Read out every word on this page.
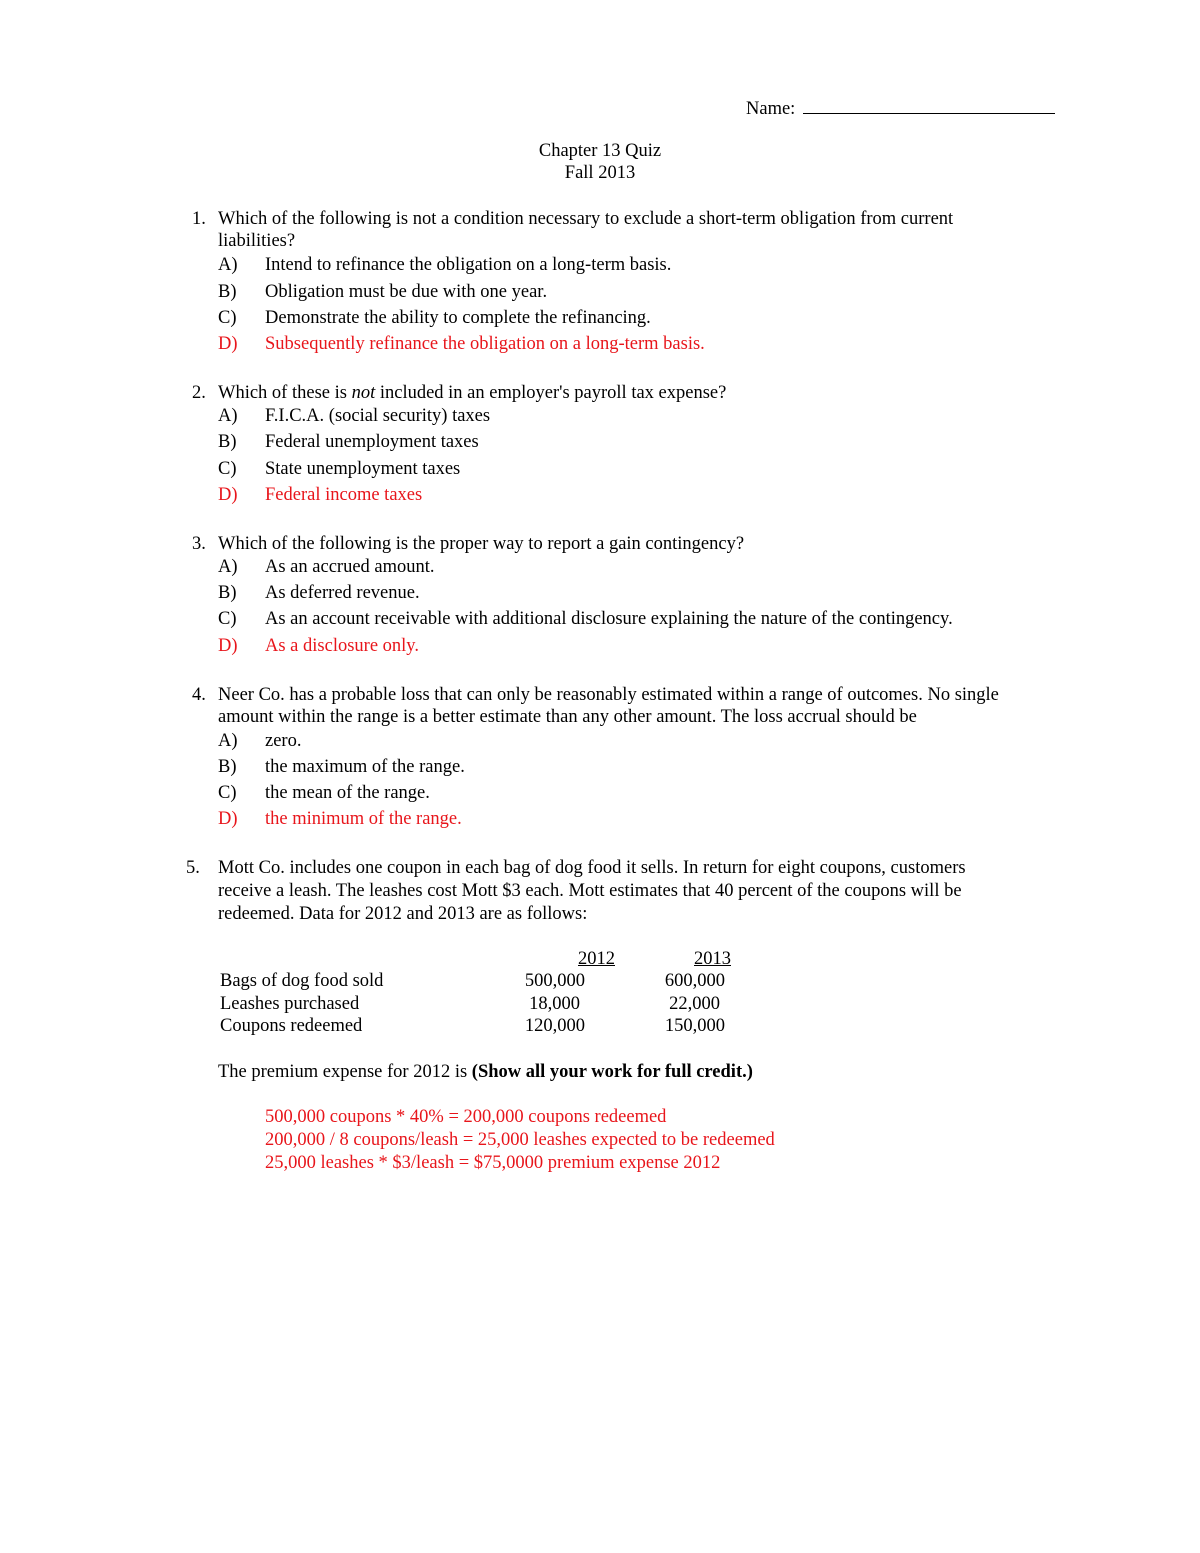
Name:
Chapter 13 Quiz
Fall 2013
1. Which of the following is not a condition necessary to exclude a short-term obligation from current
liabilities?
A) Intend to refinance the obligation on a long-term basis.
B) Obligation must be due with one year.
C) Demonstrate the ability to complete the refinancing.
D) Subsequently refinance the obligation on a long-term basis.
2. Which of these is not included in an employer's payroll tax expense?
A) F.I.C.A. (social security) taxes
B) Federal unemployment taxes
C) State unemployment taxes
D) Federal income taxes
3. Which of the following is the proper way to report a gain contingency?
A) As an accrued amount.
B) As deferred revenue.
C) As an account receivable with additional disclosure explaining the nature of the contingency.
D) As a disclosure only.
4. Neer Co. has a probable loss that can only be reasonably estimated within a range of outcomes. No single
amount within the range is a better estimate than any other amount. The loss accrual should be
A) zero.
B) the maximum of the range.
C) the mean of the range.
D) the minimum of the range.
5. Mott Co. includes one coupon in each bag of dog food it sells. In return for eight coupons, customers
receive a leash. The leashes cost Mott $3 each. Mott estimates that 40 percent of the coupons will be
redeemed. Data for 2012 and 2013 are as follows:
2012	2013
Bags of dog food sold	500,000	600,000
Leashes purchased	18,000	22,000
Coupons redeemed	120,000	150,000
The premium expense for 2012 is (Show all your work for full credit.)
500,000 coupons * 40% = 200,000 coupons redeemed
200,000 / 8 coupons/leash = 25,000 leashes expected to be redeemed
25,000 leashes * $3/leash = $75,0000 premium expense 2012
